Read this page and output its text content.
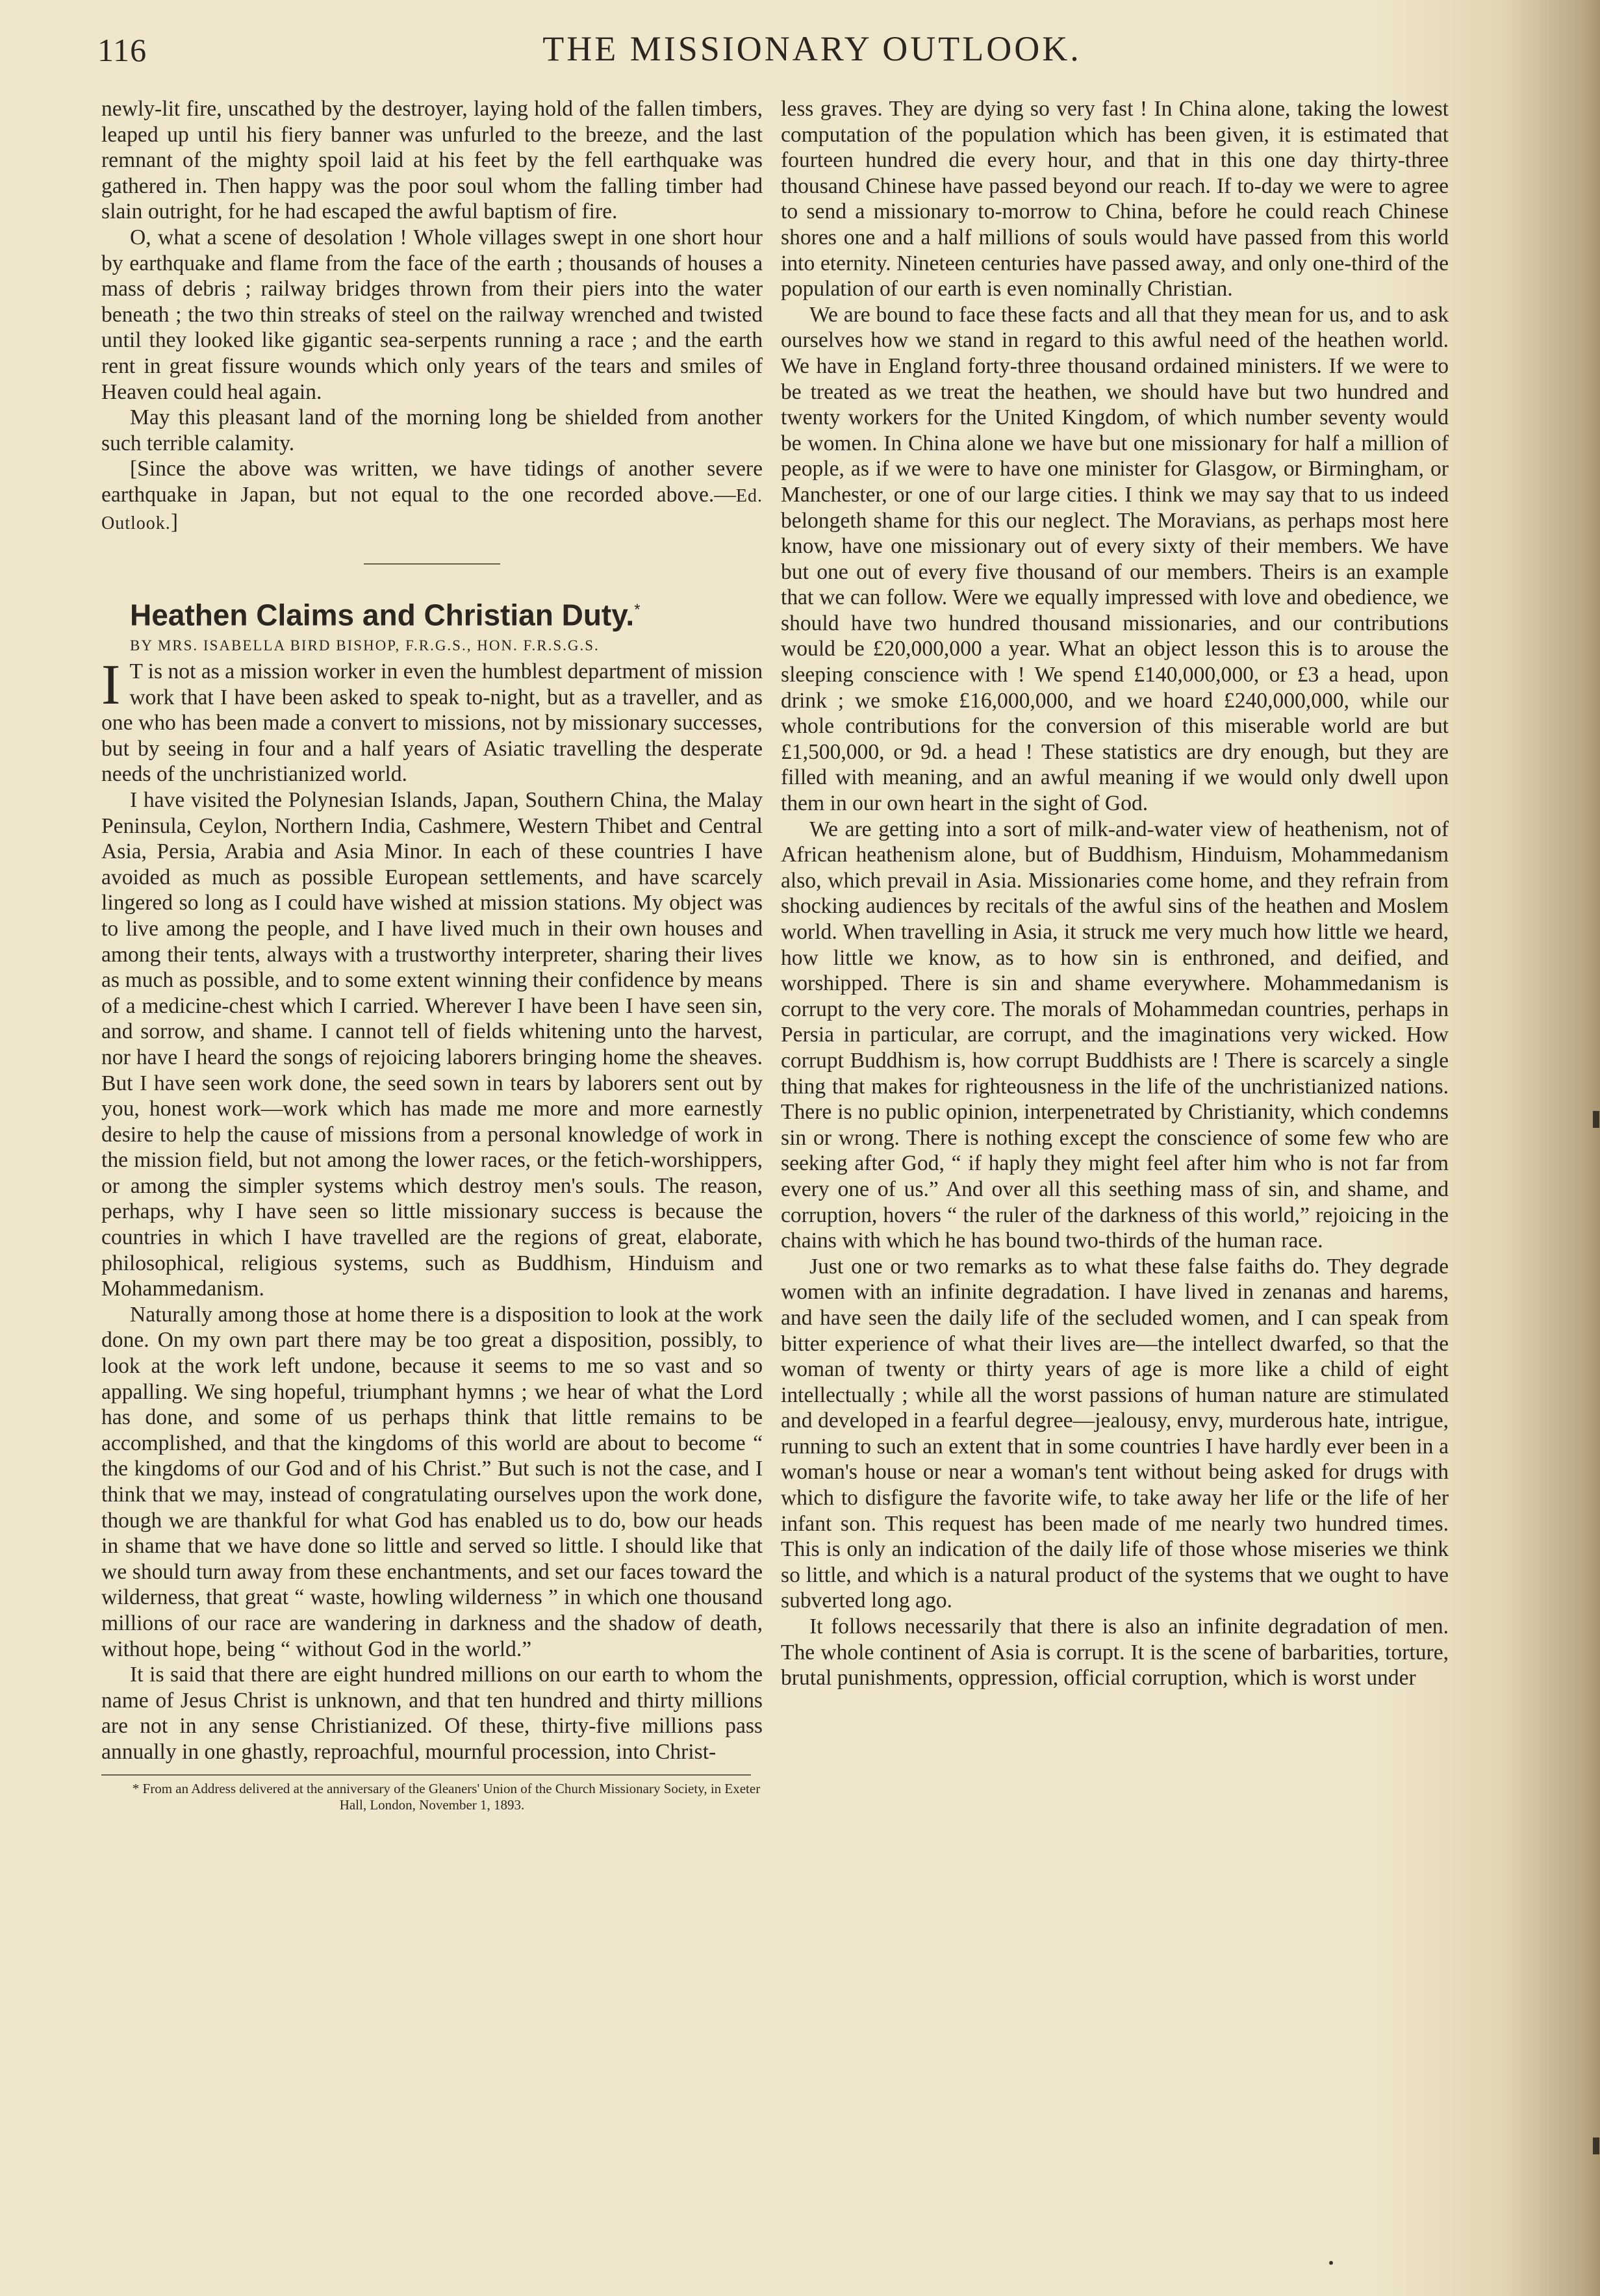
116	THE MISSIONARY OUTLOOK.

newly-lit fire, unscathed by the destroyer, laying hold of the fallen timbers, leaped up until his fiery banner was unfurled to the breeze, and the last remnant of the mighty spoil laid at his feet by the fell earthquake was gathered in. Then happy was the poor soul whom the falling timber had slain outright, for he had escaped the awful baptism of fire.

O, what a scene of desolation ! Whole villages swept in one short hour by earthquake and flame from the face of the earth ; thousands of houses a mass of debris ; railway bridges thrown from their piers into the water beneath ; the two thin streaks of steel on the railway wrenched and twisted until they looked like gigantic sea-serpents running a race ; and the earth rent in great fissure wounds which only years of the tears and smiles of Heaven could heal again.

May this pleasant land of the morning long be shielded from another such terrible calamity.

[Since the above was written, we have tidings of another severe earthquake in Japan, but not equal to the one recorded above.—Ed. Outlook.]

Heathen Claims and Christian Duty.*

BY MRS. ISABELLA BIRD BISHOP, F.R.G.S., HON. F.R.S.G.S.

I T is not as a mission worker in even the humblest department of mission work that I have been asked to speak to-night, but as a traveller, and as one who has been made a convert to missions, not by missionary successes, but by seeing in four and a half years of Asiatic travelling the desperate needs of the unchristianized world.

I have visited the Polynesian Islands, Japan, Southern China, the Malay Peninsula, Ceylon, Northern India, Cashmere, Western Thibet and Central Asia, Persia, Arabia and Asia Minor. In each of these countries I have avoided as much as possible European settlements, and have scarcely lingered so long as I could have wished at mission stations. My object was to live among the people, and I have lived much in their own houses and among their tents, always with a trustworthy interpreter, sharing their lives as much as possible, and to some extent winning their confidence by means of a medicine-chest which I carried. Wherever I have been I have seen sin, and sorrow, and shame. I cannot tell of fields whitening unto the harvest, nor have I heard the songs of rejoicing laborers bringing home the sheaves. But I have seen work done, the seed sown in tears by laborers sent out by you, honest work—work which has made me more and more earnestly desire to help the cause of missions from a personal knowledge of work in the mission field, but not among the lower races, or the fetich-worshippers, or among the simpler systems which destroy men's souls. The reason, perhaps, why I have seen so little missionary success is because the countries in which I have travelled are the regions of great, elaborate, philosophical, religious systems, such as Buddhism, Hinduism and Mohammedanism.

Naturally among those at home there is a disposition to look at the work done. On my own part there may be too great a disposition, possibly, to look at the work left undone, because it seems to me so vast and so appalling. We sing hopeful, triumphant hymns ; we hear of what the Lord has done, and some of us perhaps think that little remains to be accomplished, and that the kingdoms of this world are about to become “ the kingdoms of our God and of his Christ.” But such is not the case, and I think that we may, instead of congratulating ourselves upon the work done, though we are thankful for what God has enabled us to do, bow our heads in shame that we have done so little and served so little. I should like that we should turn away from these enchantments, and set our faces toward the wilderness, that great “ waste, howling wilderness ” in which one thousand millions of our race are wandering in darkness and the shadow of death, without hope, being “ without God in the world.”

It is said that there are eight hundred millions on our earth to whom the name of Jesus Christ is unknown, and that ten hundred and thirty millions are not in any sense Christianized. Of these, thirty-five millions pass annually in one ghastly, reproachful, mournful procession, into Christ-

* From an Address delivered at the anniversary of the Gleaners' Union of the Church Missionary Society, in Exeter Hall, London, November 1, 1893.

less graves. They are dying so very fast ! In China alone, taking the lowest computation of the population which has been given, it is estimated that fourteen hundred die every hour, and that in this one day thirty-three thousand Chinese have passed beyond our reach. If to-day we were to agree to send a missionary to-morrow to China, before he could reach Chinese shores one and a half millions of souls would have passed from this world into eternity. Nineteen centuries have passed away, and only one-third of the population of our earth is even nominally Christian.

We are bound to face these facts and all that they mean for us, and to ask ourselves how we stand in regard to this awful need of the heathen world. We have in England forty-three thousand ordained ministers. If we were to be treated as we treat the heathen, we should have but two hundred and twenty workers for the United Kingdom, of which number seventy would be women. In China alone we have but one missionary for half a million of people, as if we were to have one minister for Glasgow, or Birmingham, or Manchester, or one of our large cities. I think we may say that to us indeed belongeth shame for this our neglect. The Moravians, as perhaps most here know, have one missionary out of every sixty of their members. We have but one out of every five thousand of our members. Theirs is an example that we can follow. Were we equally impressed with love and obedience, we should have two hundred thousand missionaries, and our contributions would be £20,000,000 a year. What an object lesson this is to arouse the sleeping conscience with ! We spend £140,000,000, or £3 a head, upon drink ; we smoke £16,000,000, and we hoard £240,000,000, while our whole contributions for the conversion of this miserable world are but £1,500,000, or 9d. a head ! These statistics are dry enough, but they are filled with meaning, and an awful meaning if we would only dwell upon them in our own heart in the sight of God.

We are getting into a sort of milk-and-water view of heathenism, not of African heathenism alone, but of Buddhism, Hinduism, Mohammedanism also, which prevail in Asia. Missionaries come home, and they refrain from shocking audiences by recitals of the awful sins of the heathen and Moslem world. When travelling in Asia, it struck me very much how little we heard, how little we know, as to how sin is enthroned, and deified, and worshipped. There is sin and shame everywhere. Mohammedanism is corrupt to the very core. The morals of Mohammedan countries, perhaps in Persia in particular, are corrupt, and the imaginations very wicked. How corrupt Buddhism is, how corrupt Buddhists are ! There is scarcely a single thing that makes for righteousness in the life of the unchristianized nations. There is no public opinion, interpenetrated by Christianity, which condemns sin or wrong. There is nothing except the conscience of some few who are seeking after God, “ if haply they might feel after him who is not far from every one of us.” And over all this seething mass of sin, and shame, and corruption, hovers “ the ruler of the darkness of this world,” rejoicing in the chains with which he has bound two-thirds of the human race.

Just one or two remarks as to what these false faiths do. They degrade women with an infinite degradation. I have lived in zenanas and harems, and have seen the daily life of the secluded women, and I can speak from bitter experience of what their lives are—the intellect dwarfed, so that the woman of twenty or thirty years of age is more like a child of eight intellectually ; while all the worst passions of human nature are stimulated and developed in a fearful degree—jealousy, envy, murderous hate, intrigue, running to such an extent that in some countries I have hardly ever been in a woman's house or near a woman's tent without being asked for drugs with which to disfigure the favorite wife, to take away her life or the life of her infant son. This request has been made of me nearly two hundred times. This is only an indication of the daily life of those whose miseries we think so little, and which is a natural product of the systems that we ought to have subverted long ago.

It follows necessarily that there is also an infinite degradation of men. The whole continent of Asia is corrupt. It is the scene of barbarities, torture, brutal punishments, oppression, official corruption, which is worst under
